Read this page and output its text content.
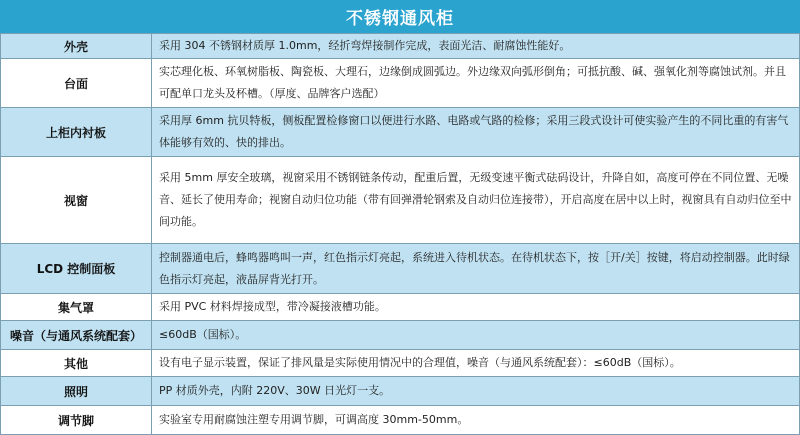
不锈钢通风柜
外壳	采用 304 不锈钢材质厚 1.0mm，经折弯焊接制作完成，表面光洁、耐腐蚀性能好。
台面	实芯理化板、环氧树脂板、陶瓷板、大理石，边缘倒成圆弧边。外边缘双向弧形倒角；可抵抗酸、碱、强氧化剂等腐蚀试剂。并且可配单口龙头及杯槽。（厚度、品牌客户选配）
上柜内衬板	采用厚 6mm 抗贝特板，侧板配置检修窗口以便进行水路、电路或气路的检修；采用三段式设计可使实验产生的不同比重的有害气体能够有效的、快的排出。
视窗	采用 5mm 厚安全玻璃，视窗采用不锈钢链条传动，配重后置，无级变速平衡式砝码设计，升降自如，高度可停在不同位置、无噪音、延长了使用寿命；视窗自动归位功能（带有回弹滑轮钢索及自动归位连接带），开启高度在居中以上时，视窗具有自动归位至中间功能。
LCD 控制面板	控制器通电后，蜂鸣器鸣叫一声，红色指示灯亮起，系统进入待机状态。在待机状态下，按［开/关］按键，将启动控制器。此时绿色指示灯亮起，液晶屏背光打开。
集气罩	采用 PVC 材料焊接成型，带冷凝接液槽功能。
噪音（与通风系统配套）	≤60dB（国标）。
其他	设有电子显示装置，保证了排风量是实际使用情况中的合理值，噪音（与通风系统配套）：≤60dB（国标）。
照明	PP 材质外壳，内附 220V、30W 日光灯一支。
调节脚	实验室专用耐腐蚀注塑专用调节脚，可调高度 30mm-50mm。
